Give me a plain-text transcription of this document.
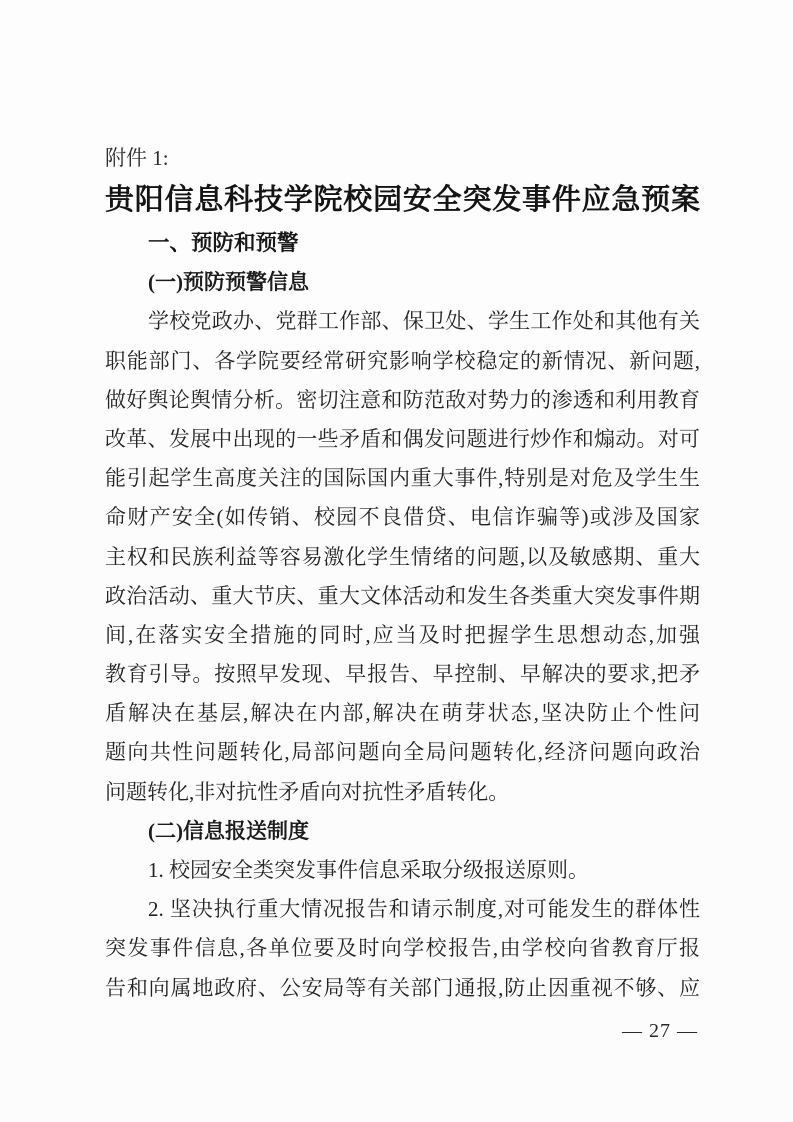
附件 1:
贵阳信息科技学院校园安全突发事件应急预案
一、预防和预警
(一)预防预警信息
学校党政办、党群工作部、保卫处、学生工作处和其他有关
职能部门、各学院要经常研究影响学校稳定的新情况、新问题,
做好舆论舆情分析。密切注意和防范敌对势力的渗透和利用教育
改革、发展中出现的一些矛盾和偶发问题进行炒作和煽动。对可
能引起学生高度关注的国际国内重大事件,特别是对危及学生生
命财产安全(如传销、校园不良借贷、电信诈骗等)或涉及国家
主权和民族利益等容易激化学生情绪的问题,以及敏感期、重大
政治活动、重大节庆、重大文体活动和发生各类重大突发事件期
间,在落实安全措施的同时,应当及时把握学生思想动态,加强
教育引导。按照早发现、早报告、早控制、早解决的要求,把矛
盾解决在基层,解决在内部,解决在萌芽状态,坚决防止个性问
题向共性问题转化,局部问题向全局问题转化,经济问题向政治
问题转化,非对抗性矛盾向对抗性矛盾转化。
(二)信息报送制度
1. 校园安全类突发事件信息采取分级报送原则。
2. 坚决执行重大情况报告和请示制度,对可能发生的群体性
突发事件信息,各单位要及时向学校报告,由学校向省教育厅报
告和向属地政府、公安局等有关部门通报,防止因重视不够、应
— 27 —
